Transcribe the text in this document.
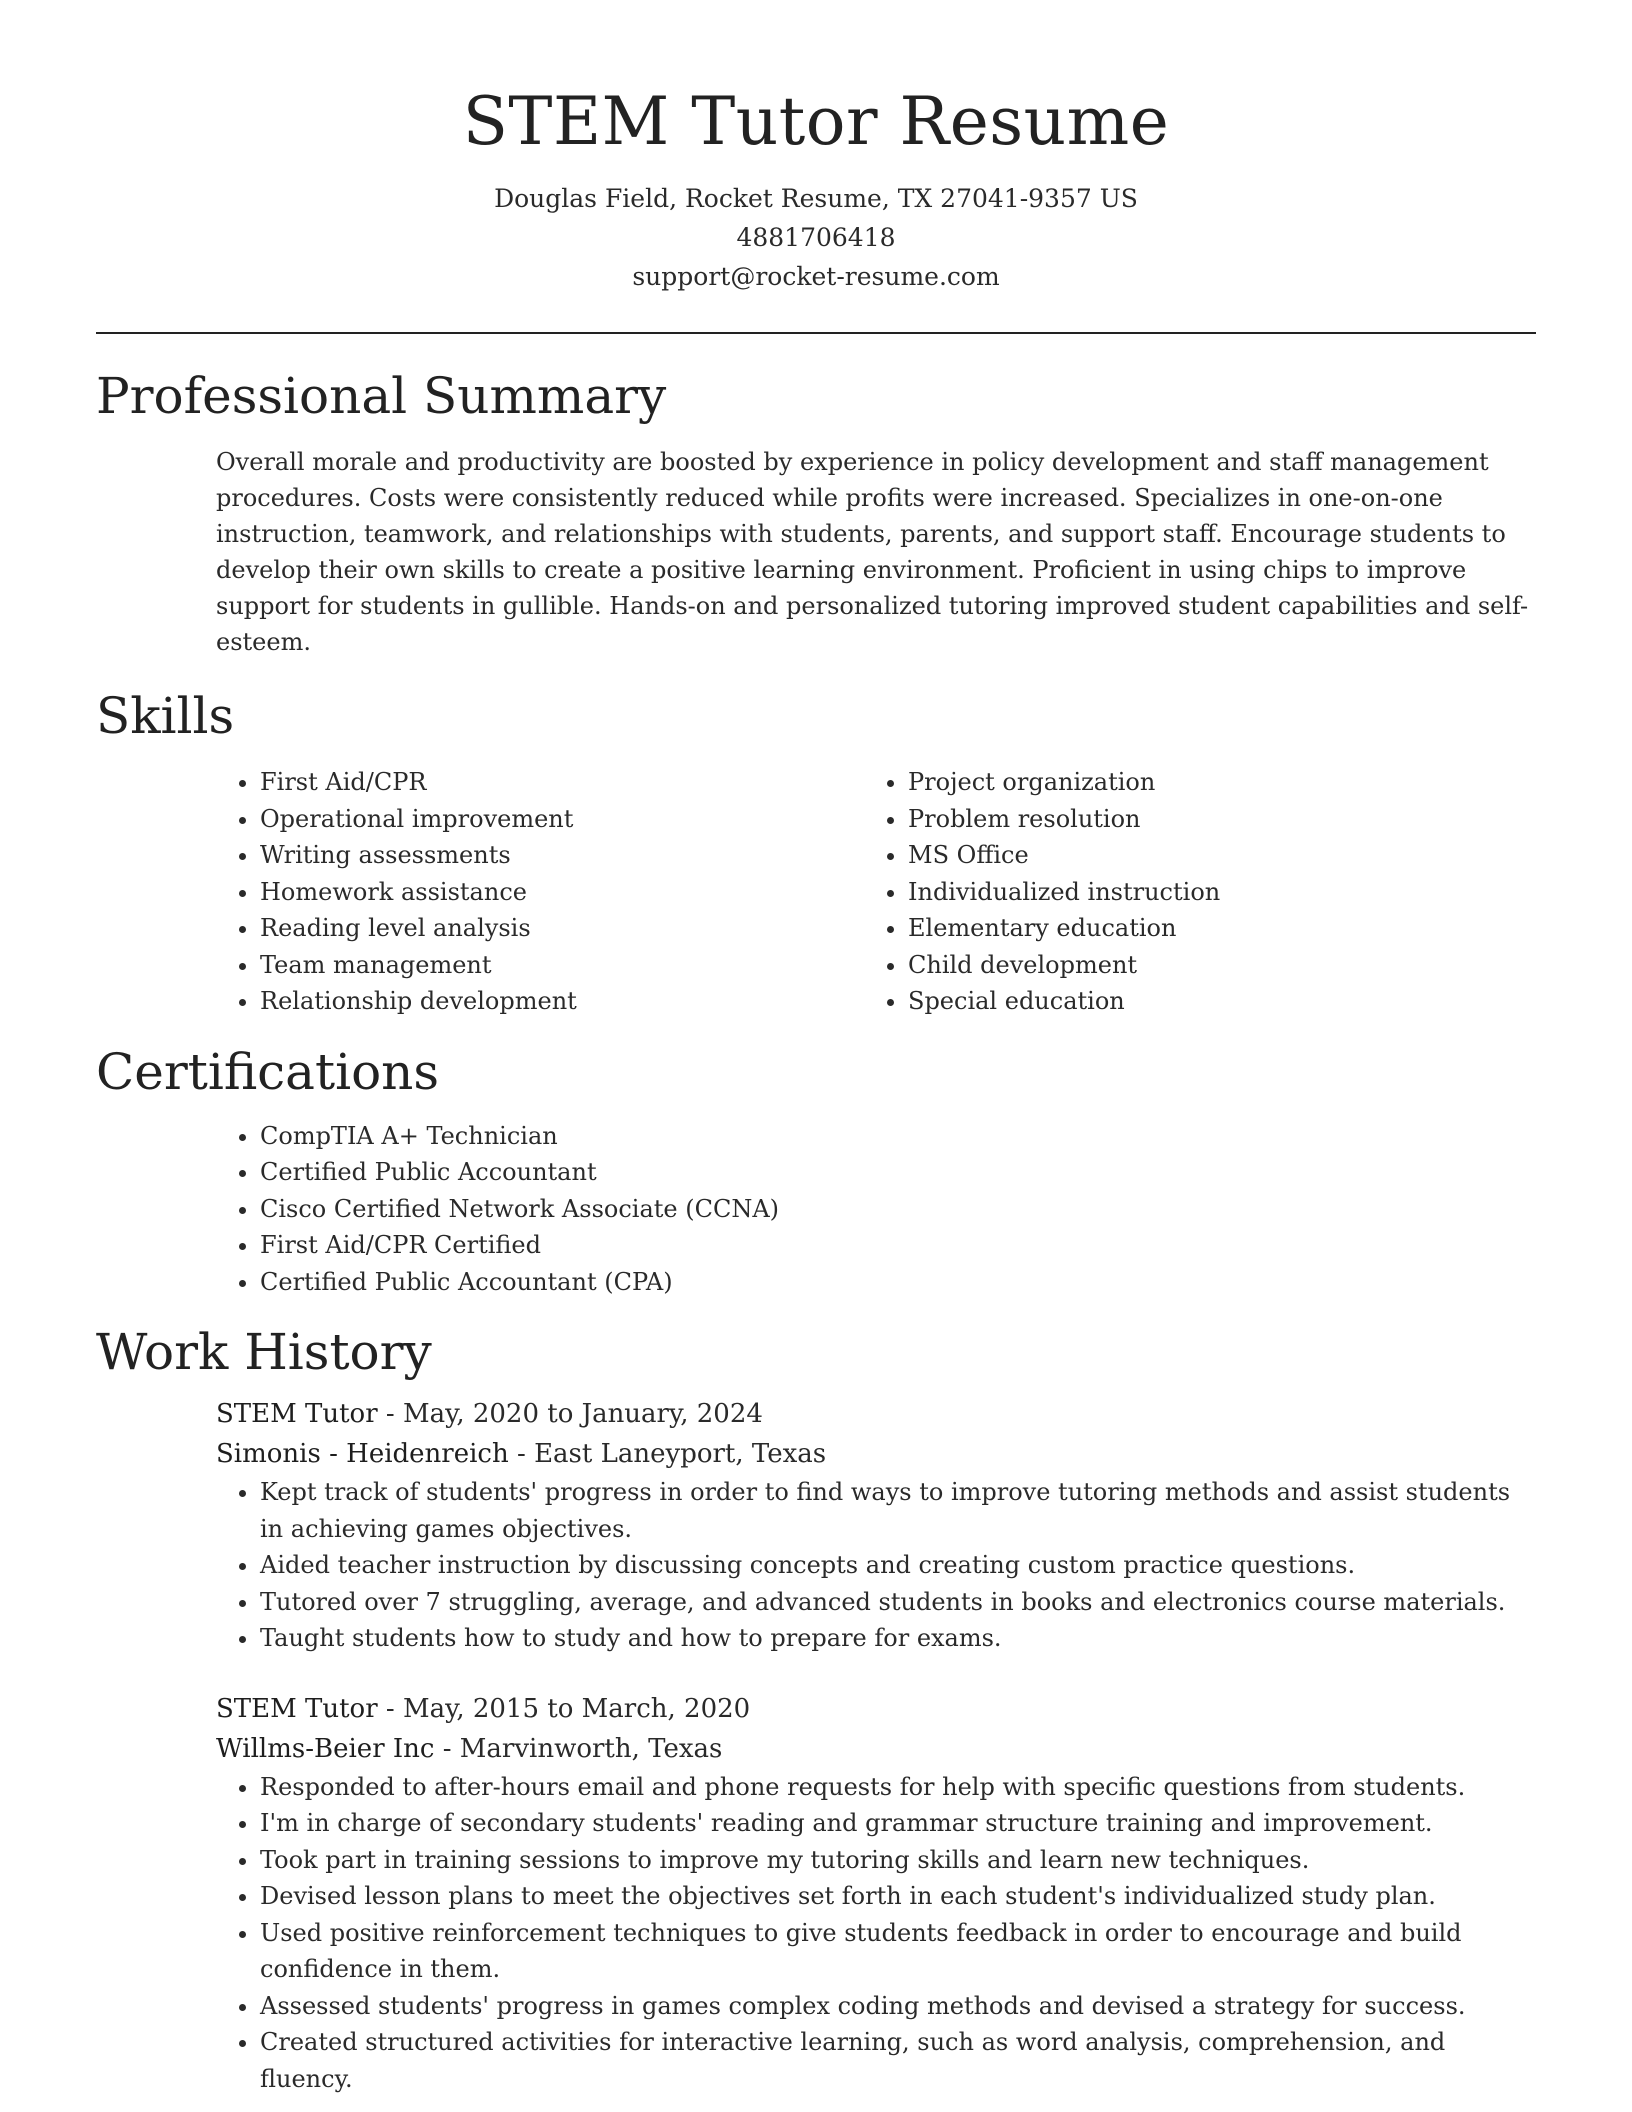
STEM Tutor Resume
Douglas Field, Rocket Resume, TX 27041-9357 US
4881706418
support@rocket-resume.com
Professional Summary

Overall morale and productivity are boosted by experience in policy development and staff management procedures. Costs were consistently reduced while profits were increased. Specializes in one-on-one instruction, teamwork, and relationships with students, parents, and support staff. Encourage students to develop their own skills to create a positive learning environment. Proficient in using chips to improve support for students in gullible. Hands-on and personalized tutoring improved student capabilities and self-esteem.

Skills
• First Aid/CPR
• Operational improvement
• Writing assessments
• Homework assistance
• Reading level analysis
• Team management
• Relationship development
• Project organization
• Problem resolution
• MS Office
• Individualized instruction
• Elementary education
• Child development
• Special education
Certifications
• CompTIA A+ Technician
• Certified Public Accountant
• Cisco Certified Network Associate (CCNA)
• First Aid/CPR Certified
• Certified Public Accountant (CPA)
Work History
STEM Tutor - May, 2020 to January, 2024
Simonis - Heidenreich - East Laneyport, Texas
• Kept track of students' progress in order to find ways to improve tutoring methods and assist students in achieving games objectives.
• Aided teacher instruction by discussing concepts and creating custom practice questions.
• Tutored over 7 struggling, average, and advanced students in books and electronics course materials.
• Taught students how to study and how to prepare for exams.
STEM Tutor - May, 2015 to March, 2020
Willms-Beier Inc - Marvinworth, Texas
• Responded to after-hours email and phone requests for help with specific questions from students.
• I'm in charge of secondary students' reading and grammar structure training and improvement.
• Took part in training sessions to improve my tutoring skills and learn new techniques.
• Devised lesson plans to meet the objectives set forth in each student's individualized study plan.
• Used positive reinforcement techniques to give students feedback in order to encourage and build confidence in them.
• Assessed students' progress in games complex coding methods and devised a strategy for success.
• Created structured activities for interactive learning, such as word analysis, comprehension, and fluency.
